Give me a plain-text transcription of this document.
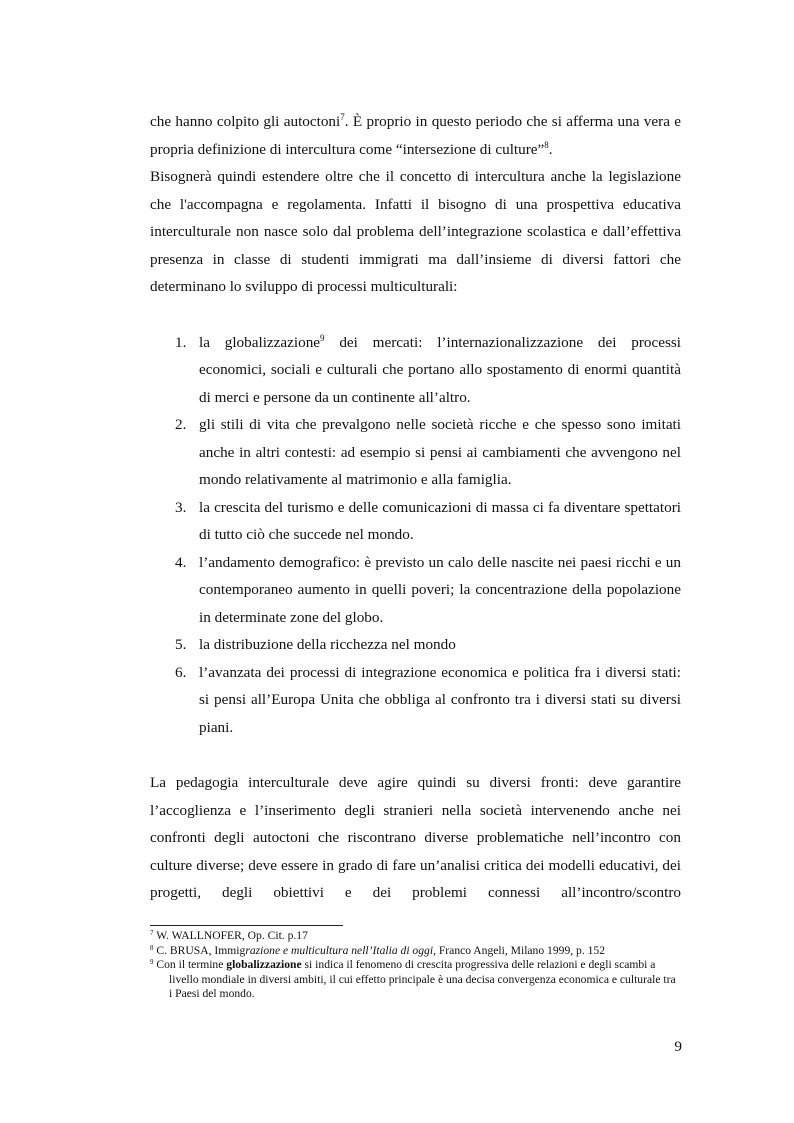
che hanno colpito gli autoctoni$^7$. È proprio in questo periodo che si afferma una vera e propria definizione di intercultura come “intersezione di culture”$^8$.

Bisognerà quindi estendere oltre che il concetto di intercultura anche la legislazione che l'accompagna e regolamenta. Infatti il bisogno di una prospettiva educativa interculturale non nasce solo dal problema dell’integrazione scolastica e dall’effettiva presenza in classe di studenti immigrati ma dall’insieme di diversi fattori che determinano lo sviluppo di processi multiculturali:

1. la globalizzazione$^9$ dei mercati: l’internazionalizzazione dei processi economici, sociali e culturali che portano allo spostamento di enormi quantità di merci e persone da un continente all’altro.
2. gli stili di vita che prevalgono nelle società ricche e che spesso sono imitati anche in altri contesti: ad esempio si pensi ai cambiamenti che avvengono nel mondo relativamente al matrimonio e alla famiglia.
3. la crescita del turismo e delle comunicazioni di massa ci fa diventare spettatori di tutto ciò che succede nel mondo.
4. l’andamento demografico: è previsto un calo delle nascite nei paesi ricchi e un contemporaneo aumento in quelli poveri; la concentrazione della popolazione in determinate zone del globo.
5. la distribuzione della ricchezza nel mondo
6. l’avanzata dei processi di integrazione economica e politica fra i diversi stati: si pensi all’Europa Unita che obbliga al confronto tra i diversi stati su diversi piani.

La pedagogia interculturale deve agire quindi su diversi fronti: deve garantire l’accoglienza e l’inserimento degli stranieri nella società intervenendo anche nei confronti degli autoctoni che riscontrano diverse problematiche nell’incontro con culture diverse; deve essere in grado di fare un’analisi critica dei modelli educativi, dei progetti, degli obiettivi e dei problemi connessi all’incontro/scontro

$^7$ W. WALLNOFER, Op. Cit. p.17

$^8$ C. BRUSA, Immigrazione e multicultura nell’Italia di oggi, Franco Angeli, Milano 1999, p. 152

$^9$ Con il termine globalizzazione si indica il fenomeno di crescita progressiva delle relazioni e degli scambi a livello mondiale in diversi ambiti, il cui effetto principale è una decisa convergenza economica e culturale tra i Paesi del mondo.

9
